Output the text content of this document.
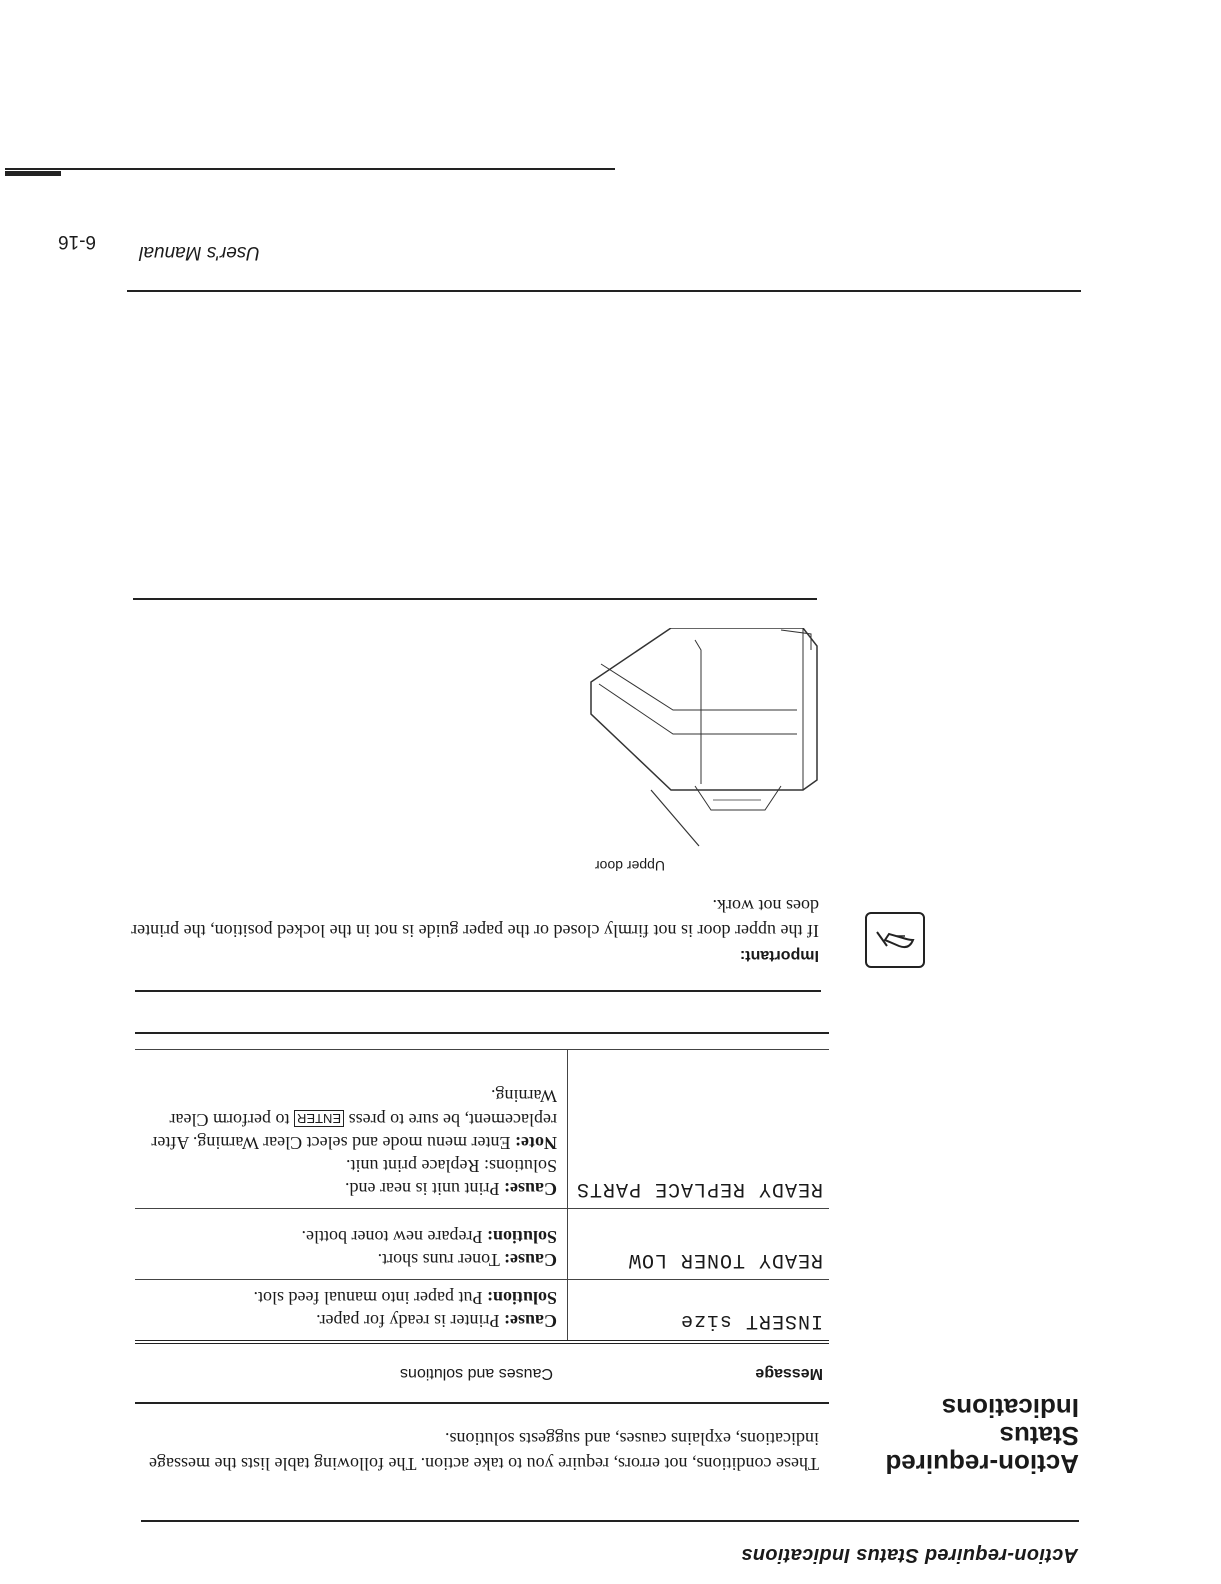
Action-required Status Indications
Action-required Status Indications
These conditions, not errors, require you to take action. The following table lists the message indications, explains causes, and suggests solutions.
Message
Causes and solutions
INSERT size
Cause: Printer is ready for paper.
Solution: Put paper into manual feed slot.
READY TONER LOW
Cause: Toner runs short.
Solution: Prepare new toner bottle.
READY REPLACE PARTS
Cause: Print unit is near end.
Solutions: Replace print unit.
Note: Enter menu mode and select Clear Warning. After replacement, be sure to press ENTER to perform Clear Warning.
Important:
If the upper door is not firmly closed or the paper guide is not in the locked position, the printer does not work.
Upper door
6-16
User's Manual
